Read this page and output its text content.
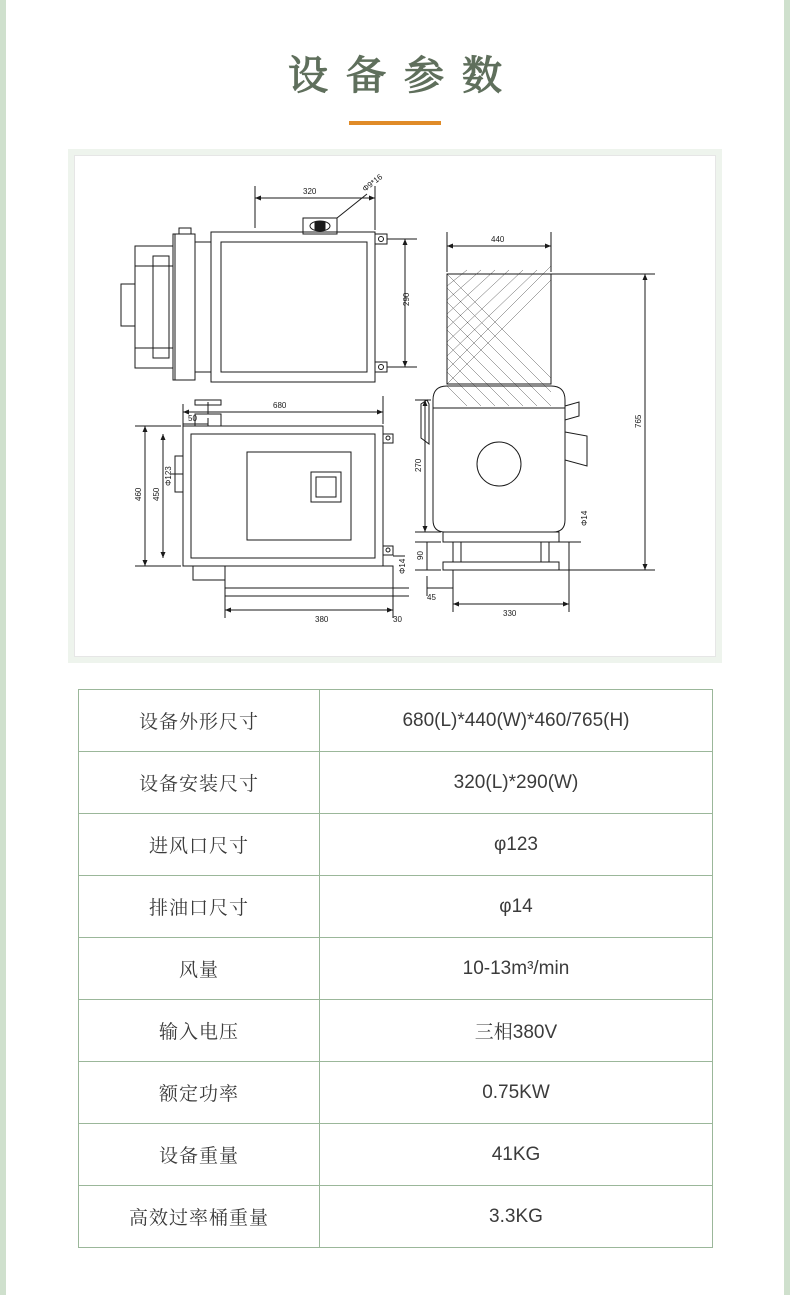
设备参数
320	Φ9*16
290
680
50
460 450
Φ123
Φ14
380	30
440
765
270
90
Φ14
45
330
设备外形尺寸	680(L)*440(W)*460/765(H)
设备安装尺寸	320(L)*290(W)
进风口尺寸	φ123
排油口尺寸	φ14
风量	10-13m³/min
输入电压	三相380V
额定功率	0.75KW
设备重量	41KG
高效过率桶重量	3.3KG
